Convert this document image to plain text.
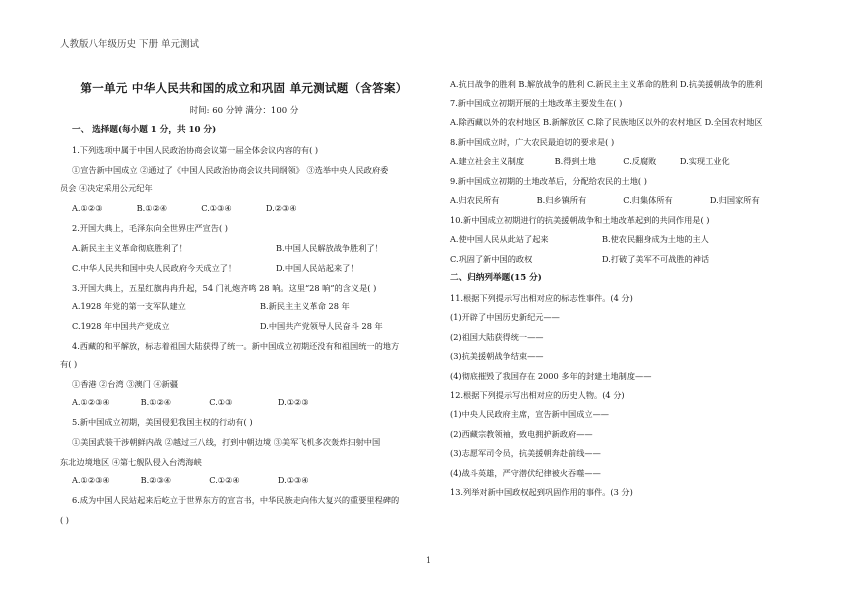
人教版八年级历史 下册 单元测试
第一单元 中华人民共和国的成立和巩固 单元测试题（含答案）
时间: 60 分钟 满分：100 分
一、 选择题(每小题 1 分，共 10 分)
1.下列选项中属于中国人民政治协商会议第一届全体会议内容的有( )
①宣告新中国成立 ②通过了《中国人民政治协商会议共同纲领》 ③选举中央人民政府委
员会 ④决定采用公元纪年
A.①②③	B.①②④	C.①③④	D.②③④
2.开国大典上，毛泽东向全世界庄严宣告( )
A.新民主主义革命彻底胜利了！	B.中国人民解放战争胜利了！
C.中华人民共和国中央人民政府今天成立了！	D.中国人民站起来了！
3.开国大典上，五星红旗冉冉升起，54 门礼炮齐鸣 28 响。这里“28 响”的含义是( )
A.1928 年党的第一支军队建立	B.新民主主义革命 28 年
C.1928 年中国共产党成立	D.中国共产党领导人民奋斗 28 年
4.西藏的和平解放，标志着祖国大陆获得了统一。新中国成立初期还没有和祖国统一的地方
有( )
①香港 ②台湾 ③澳门 ④新疆
A.①②③④	B.①②④	C.①③	D.①②③
5.新中国成立初期，美国侵犯我国主权的行动有( )
①美国武装干涉朝鲜内战 ②越过三八线，打到中朝边境 ③美军飞机多次轰炸扫射中国
东北边境地区 ④第七舰队侵入台湾海峡
A.①②③④	B.②③④	C.①②④	D.①③④
6.成为中国人民站起来后屹立于世界东方的宣言书，中华民族走向伟大复兴的重要里程碑的
( )
A.抗日战争的胜利 B.解放战争的胜利 C.新民主主义革命的胜利 D.抗美援朝战争的胜利
7.新中国成立初期开展的土地改革主要发生在( )
A.除西藏以外的农村地区 B.新解放区 C.除了民族地区以外的农村地区 D.全国农村地区
8.新中国成立时，广大农民最迫切的要求是( )
A.建立社会主义制度	B.得到土地	C.反腐败	D.实现工业化
9.新中国成立初期的土地改革后，分配给农民的土地( )
A.归农民所有	B.归乡镇所有	C.归集体所有	D.归国家所有
10.新中国成立初期进行的抗美援朝战争和土地改革起到的共同作用是( )
A.使中国人民从此站了起来	B.使农民翻身成为土地的主人
C.巩固了新中国的政权	D.打破了美军不可战胜的神话
二、归纳列举题(15 分)
11.根据下列提示写出相对应的标志性事件。(4 分)
(1)开辟了中国历史新纪元——
(2)祖国大陆获得统一——
(3)抗美援朝战争结束——
(4)彻底摧毁了我国存在 2000 多年的封建土地制度——
12.根据下列提示写出相对应的历史人物。(4 分)
(1)中央人民政府主席，宣告新中国成立——
(2)西藏宗教领袖，致电拥护新政府——
(3)志愿军司令员，抗美援朝奔赴前线——
(4)战斗英雄，严守潜伏纪律被火吞噬——
13.列举对新中国政权起到巩固作用的事件。(3 分)
1
